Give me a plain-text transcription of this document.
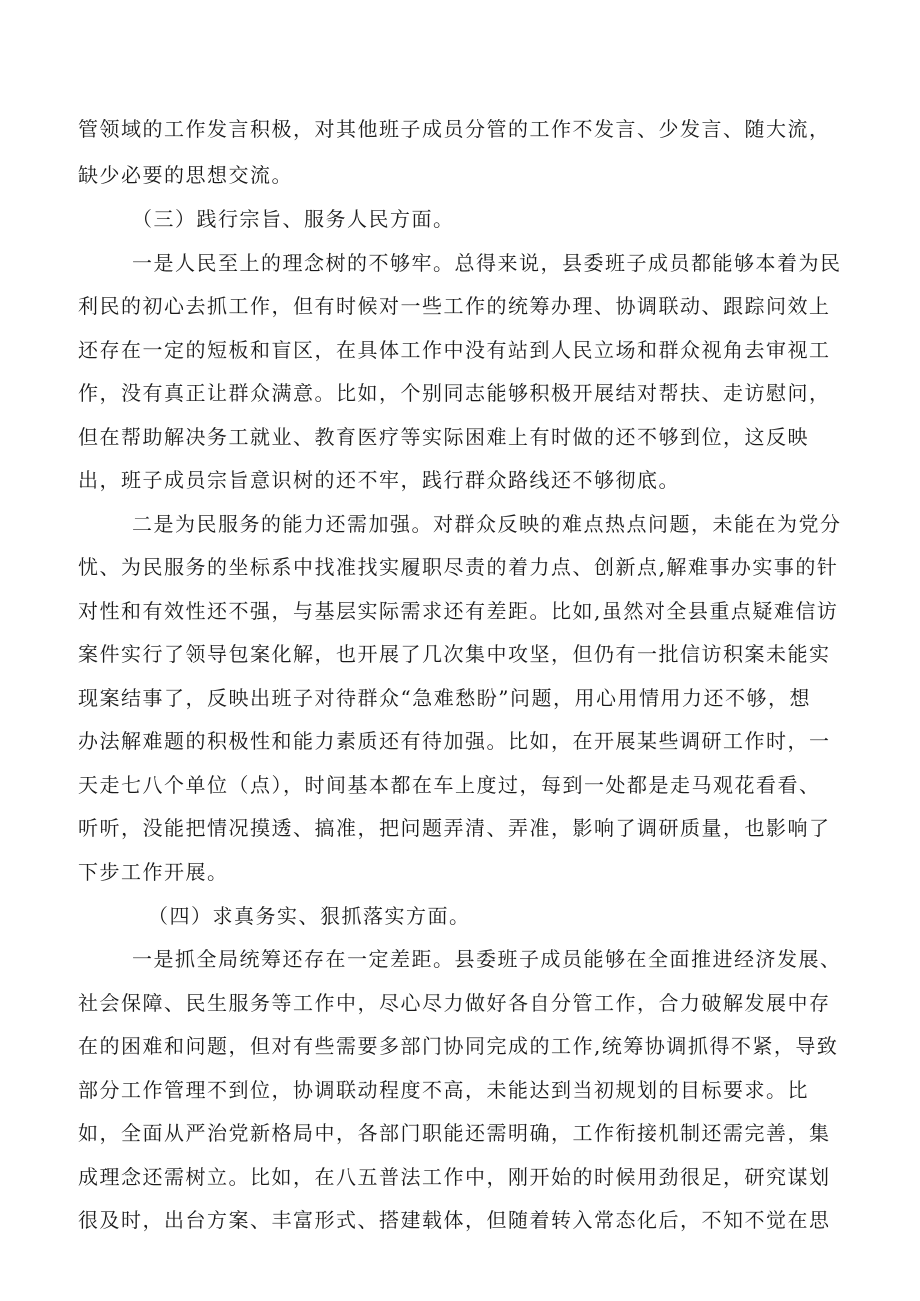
管领域的工作发言积极，对其他班子成员分管的工作不发言、少发言、随大流，
缺少必要的思想交流。
（三）践行宗旨、服务人民方面。
一是人民至上的理念树的不够牢。总得来说，县委班子成员都能够本着为民
利民的初心去抓工作，但有时候对一些工作的统筹办理、协调联动、跟踪问效上
还存在一定的短板和盲区，在具体工作中没有站到人民立场和群众视角去审视工
作，没有真正让群众满意。比如，个别同志能够积极开展结对帮扶、走访慰问，
但在帮助解决务工就业、教育医疗等实际困难上有时做的还不够到位，这反映
出，班子成员宗旨意识树的还不牢，践行群众路线还不够彻底。
二是为民服务的能力还需加强。对群众反映的难点热点问题，未能在为党分
忧、为民服务的坐标系中找准找实履职尽责的着力点、创新点,解难事办实事的针
对性和有效性还不强，与基层实际需求还有差距。比如,虽然对全县重点疑难信访
案件实行了领导包案化解，也开展了几次集中攻坚，但仍有一批信访积案未能实
现案结事了，反映出班子对待群众“急难愁盼”问题，用心用情用力还不够，想
办法解难题的积极性和能力素质还有待加强。比如，在开展某些调研工作时，一
天走七八个单位（点），时间基本都在车上度过，每到一处都是走马观花看看、
听听，没能把情况摸透、搞准，把问题弄清、弄准，影响了调研质量，也影响了
下步工作开展。
（四）求真务实、狠抓落实方面。
一是抓全局统筹还存在一定差距。县委班子成员能够在全面推进经济发展、
社会保障、民生服务等工作中，尽心尽力做好各自分管工作，合力破解发展中存
在的困难和问题，但对有些需要多部门协同完成的工作,统筹协调抓得不紧，导致
部分工作管理不到位，协调联动程度不高，未能达到当初规划的目标要求。比
如，全面从严治党新格局中，各部门职能还需明确，工作衔接机制还需完善，集
成理念还需树立。比如，在八五普法工作中，刚开始的时候用劲很足，研究谋划
很及时，出台方案、丰富形式、搭建载体，但随着转入常态化后，不知不觉在思
